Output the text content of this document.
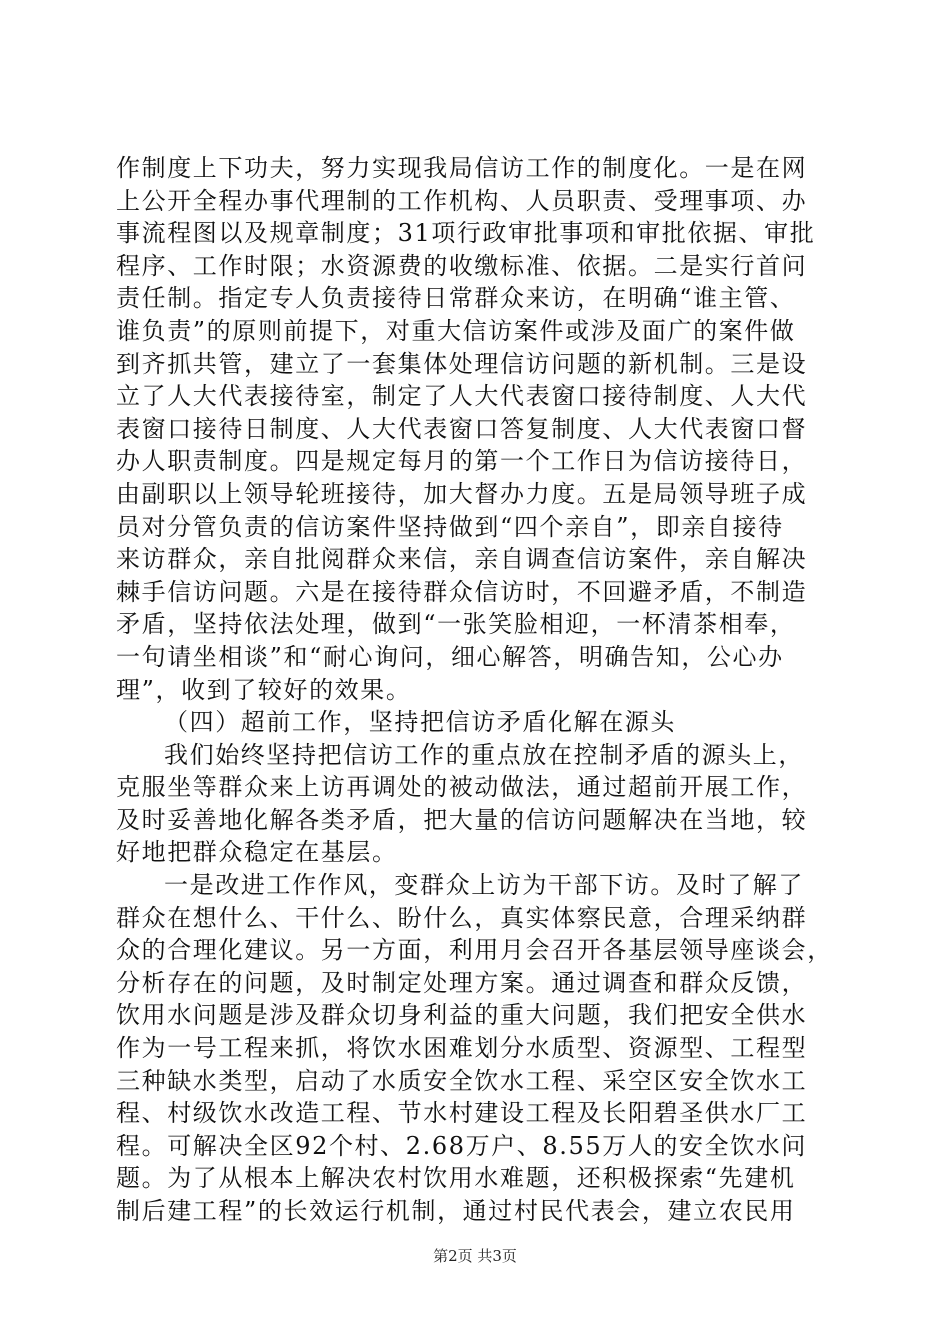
作制度上下功夫，努力实现我局信访工作的制度化。一是在网
上公开全程办事代理制的工作机构、人员职责、受理事项、办
事流程图以及规章制度；31项行政审批事项和审批依据、审批
程序、工作时限；水资源费的收缴标准、依据。二是实行首问
责任制。指定专人负责接待日常群众来访，在明确“谁主管、
谁负责”的原则前提下，对重大信访案件或涉及面广的案件做
到齐抓共管，建立了一套集体处理信访问题的新机制。三是设
立了人大代表接待室，制定了人大代表窗口接待制度、人大代
表窗口接待日制度、人大代表窗口答复制度、人大代表窗口督
办人职责制度。四是规定每月的第一个工作日为信访接待日，
由副职以上领导轮班接待，加大督办力度。五是局领导班子成
员对分管负责的信访案件坚持做到“四个亲自”，即亲自接待
来访群众，亲自批阅群众来信，亲自调查信访案件，亲自解决
棘手信访问题。六是在接待群众信访时，不回避矛盾，不制造
矛盾，坚持依法处理，做到“一张笑脸相迎，一杯清茶相奉，
一句请坐相谈”和“耐心询问，细心解答，明确告知，公心办
理”，收到了较好的效果。
（四）超前工作，坚持把信访矛盾化解在源头
我们始终坚持把信访工作的重点放在控制矛盾的源头上，
克服坐等群众来上访再调处的被动做法，通过超前开展工作，
及时妥善地化解各类矛盾，把大量的信访问题解决在当地，较
好地把群众稳定在基层。
一是改进工作作风，变群众上访为干部下访。及时了解了
群众在想什么、干什么、盼什么，真实体察民意，合理采纳群
众的合理化建议。另一方面，利用月会召开各基层领导座谈会，
分析存在的问题，及时制定处理方案。通过调查和群众反馈，
饮用水问题是涉及群众切身利益的重大问题，我们把安全供水
作为一号工程来抓，将饮水困难划分水质型、资源型、工程型
三种缺水类型，启动了水质安全饮水工程、采空区安全饮水工
程、村级饮水改造工程、节水村建设工程及长阳碧圣供水厂工
程。可解决全区92个村、2.68万户、8.55万人的安全饮水问
题。为了从根本上解决农村饮用水难题，还积极探索“先建机
制后建工程”的长效运行机制，通过村民代表会，建立农民用
第2页 共3页
